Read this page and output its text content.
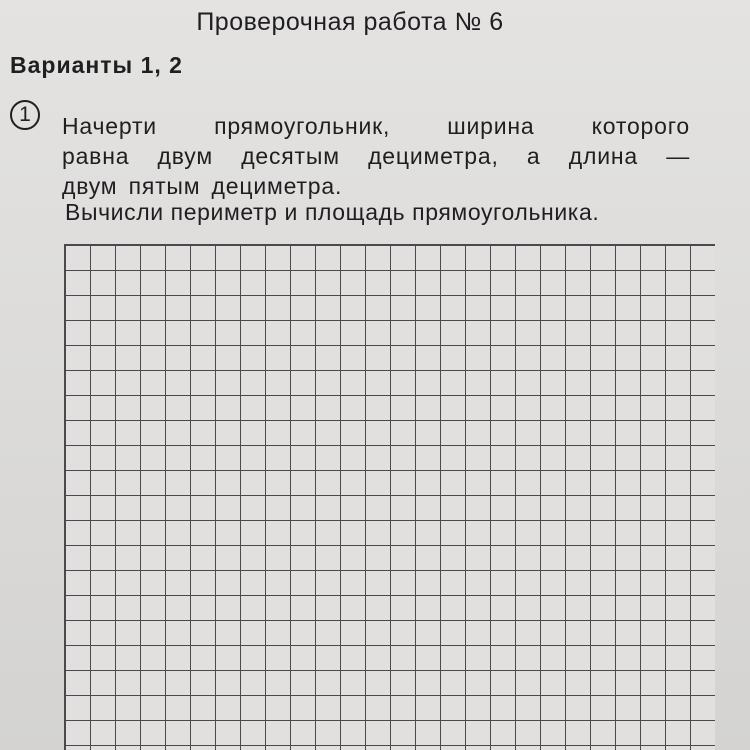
Проверочная работа № 6
Варианты 1, 2
1	Начерти прямоугольник, ширина которого
равна двум десятым дециметра, а длина —
двум пятым дециметра.
Вычисли периметр и площадь прямоугольника.
